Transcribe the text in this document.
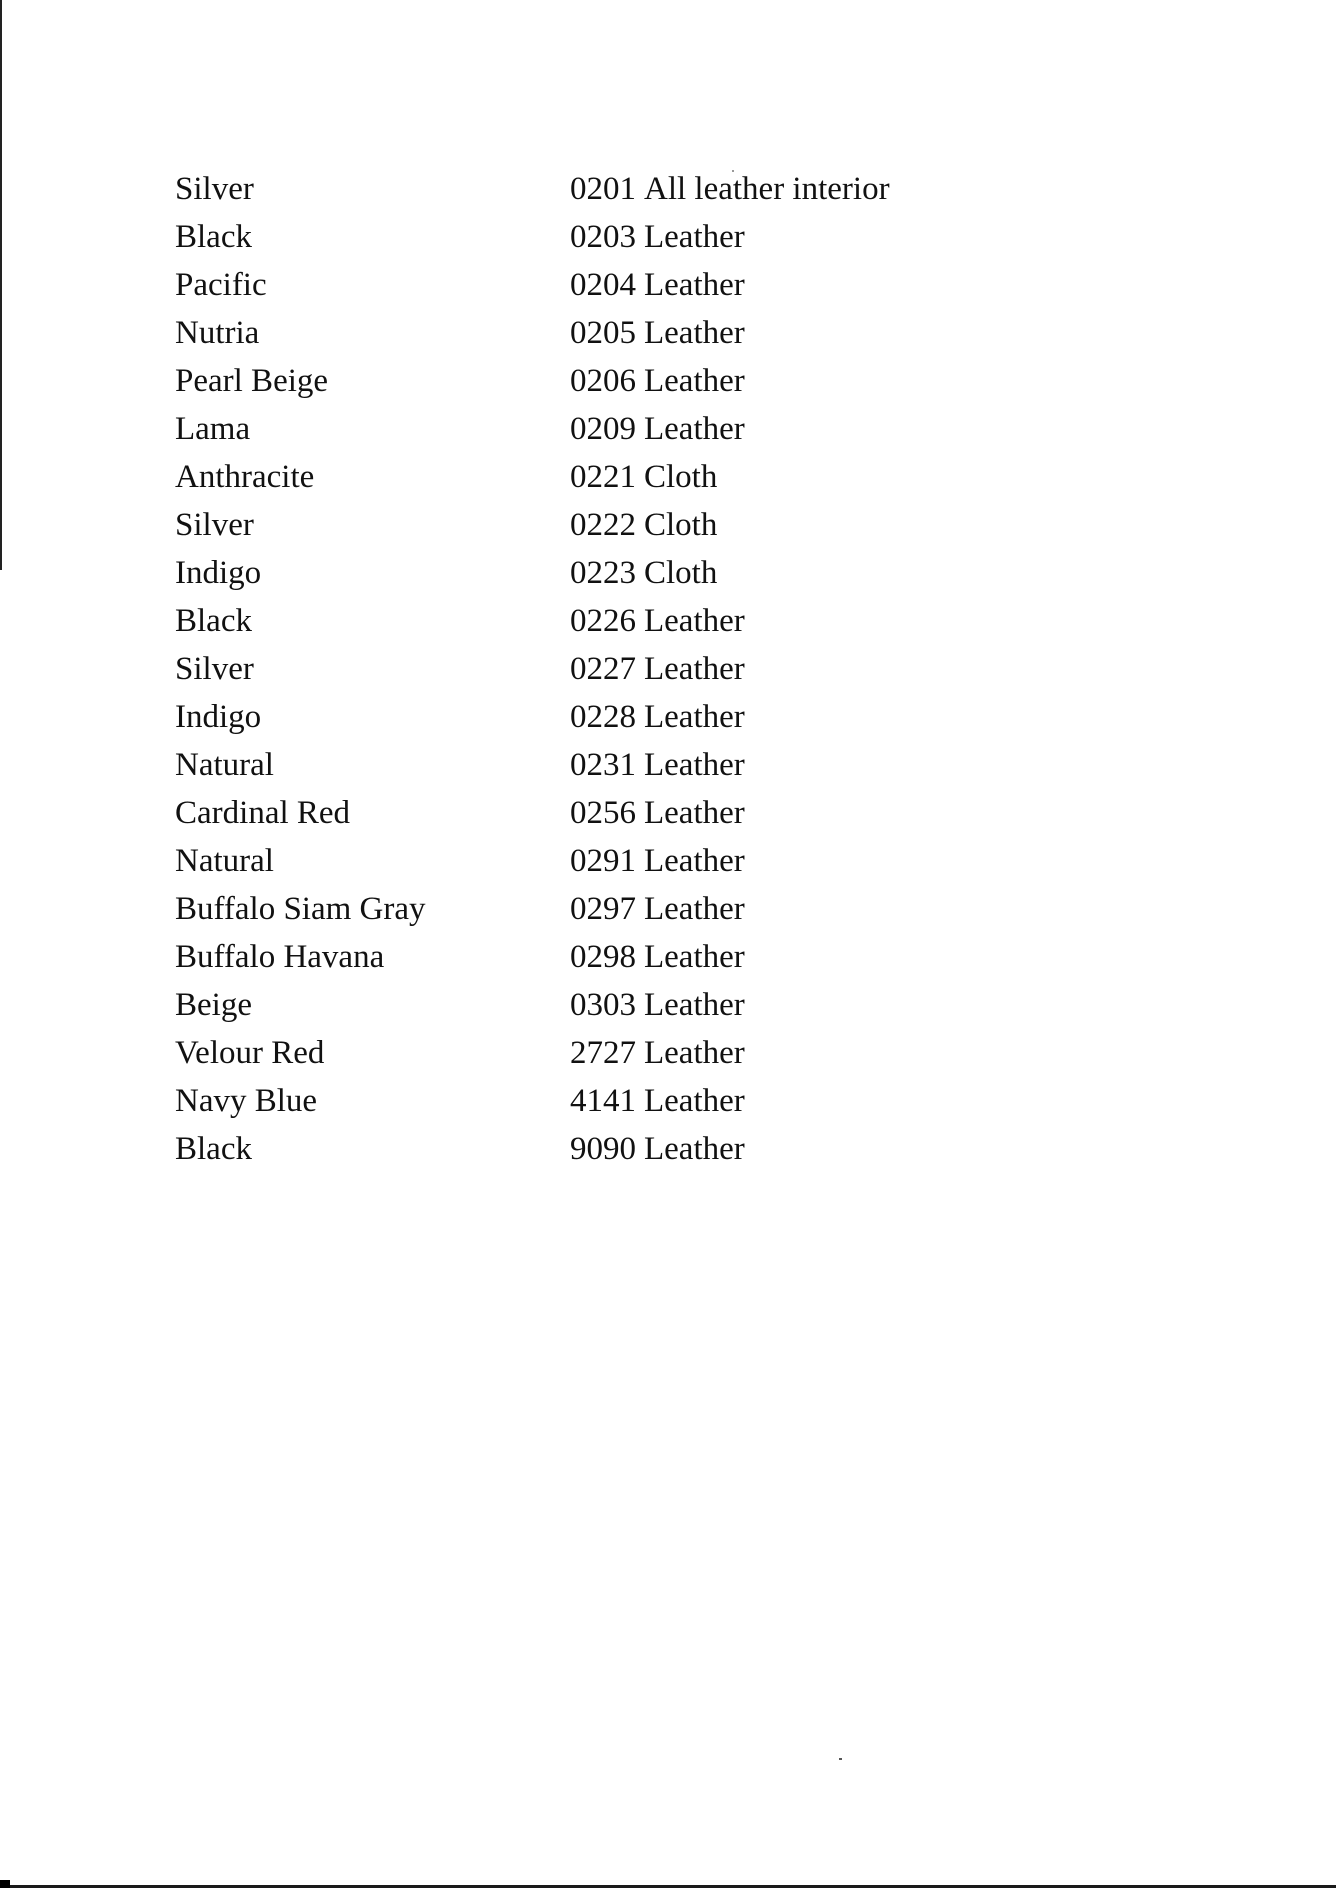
Silver	0201 All leather interior
Black	0203 Leather
Pacific	0204 Leather
Nutria	0205 Leather
Pearl Beige	0206 Leather
Lama	0209 Leather
Anthracite	0221 Cloth
Silver	0222 Cloth
Indigo	0223 Cloth
Black	0226 Leather
Silver	0227 Leather
Indigo	0228 Leather
Natural	0231 Leather
Cardinal Red	0256 Leather
Natural	0291 Leather
Buffalo Siam Gray	0297 Leather
Buffalo Havana	0298 Leather
Beige	0303 Leather
Velour Red	2727 Leather
Navy Blue	4141 Leather
Black	9090 Leather
